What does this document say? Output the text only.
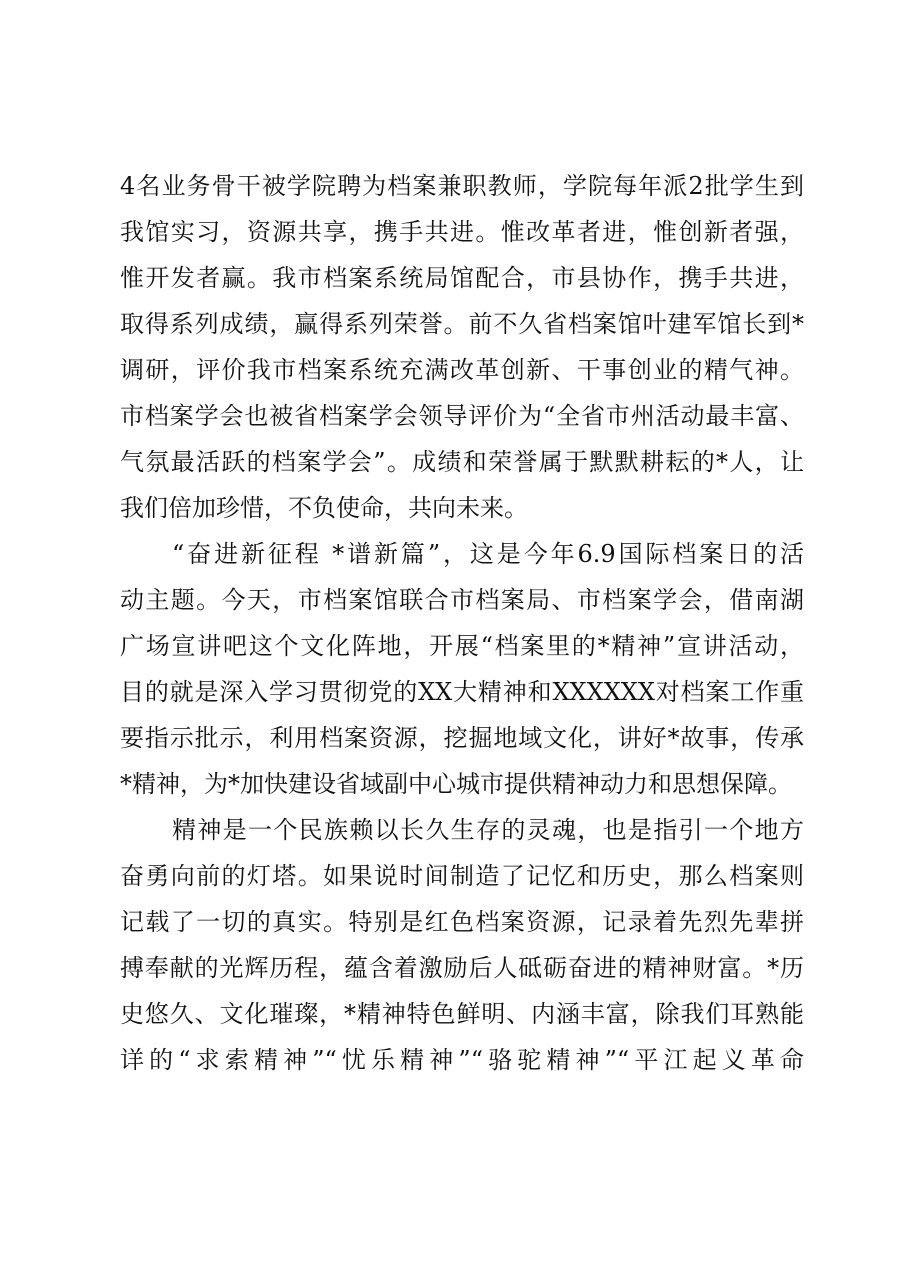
4名业务骨干被学院聘为档案兼职教师，学院每年派2批学生到
我馆实习，资源共享，携手共进。惟改革者进，惟创新者强，
惟开发者赢。我市档案系统局馆配合，市县协作，携手共进，
取得系列成绩，赢得系列荣誉。前不久省档案馆叶建军馆长到*
调研，评价我市档案系统充满改革创新、干事创业的精气神。
市档案学会也被省档案学会领导评价为“全省市州活动最丰富、
气氛最活跃的档案学会”。成绩和荣誉属于默默耕耘的*人，让
我们倍加珍惜，不负使命，共向未来。
“奋进新征程 *谱新篇”，这是今年6.9国际档案日的活
动主题。今天，市档案馆联合市档案局、市档案学会，借南湖
广场宣讲吧这个文化阵地，开展“档案里的*精神”宣讲活动，
目的就是深入学习贯彻党的XX大精神和XXXXXX对档案工作重
要指示批示，利用档案资源，挖掘地域文化，讲好*故事，传承
*精神，为*加快建设省域副中心城市提供精神动力和思想保障。
精神是一个民族赖以长久生存的灵魂，也是指引一个地方
奋勇向前的灯塔。如果说时间制造了记忆和历史，那么档案则
记载了一切的真实。特别是红色档案资源，记录着先烈先辈拼
搏奉献的光辉历程，蕴含着激励后人砥砺奋进的精神财富。*历
史悠久、文化璀璨，*精神特色鲜明、内涵丰富，除我们耳熟能
详的“求索精神”“忧乐精神”“骆驼精神”“平江起义革命
